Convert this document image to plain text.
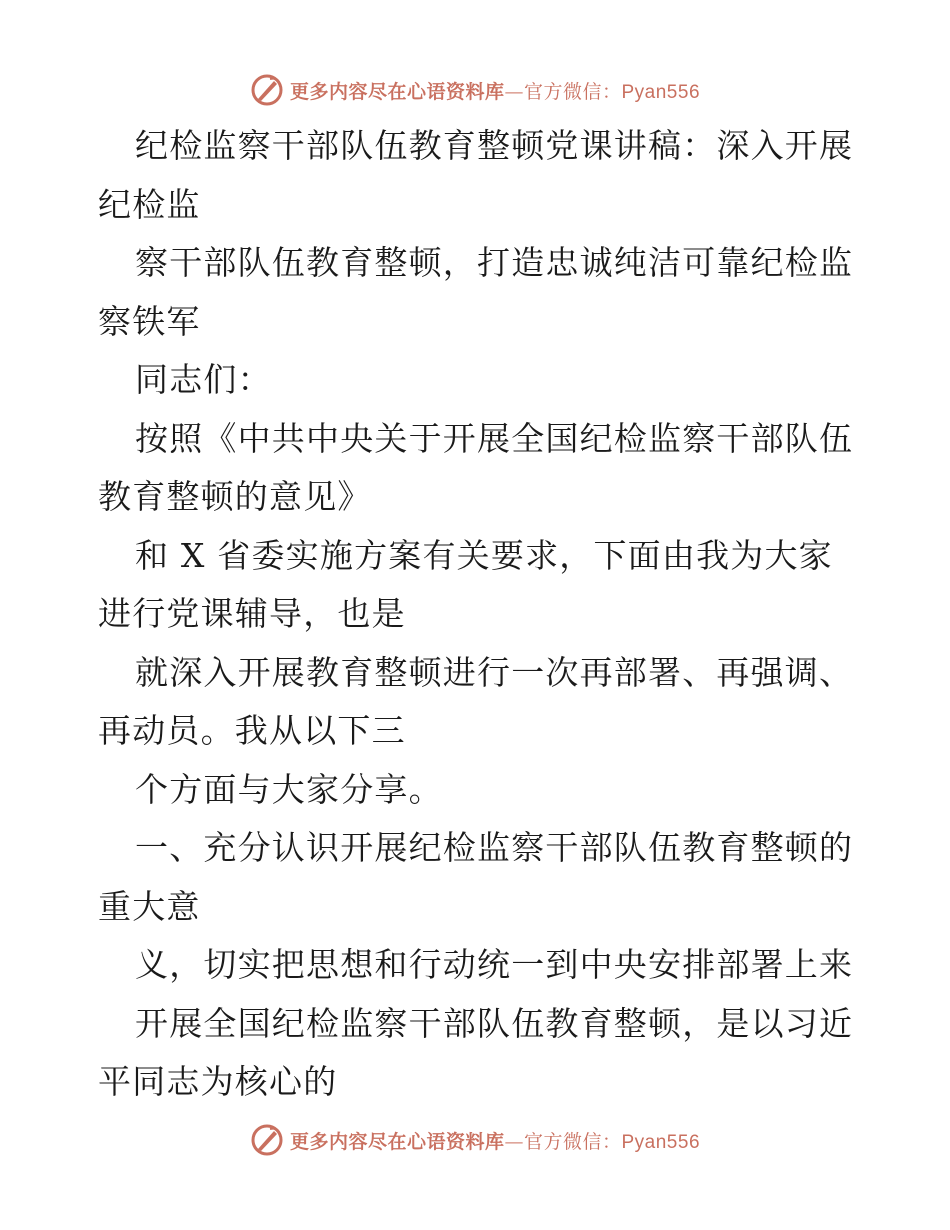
更多内容尽在心语资料库—官方微信：Pyan556

纪检监察干部队伍教育整顿党课讲稿：深入开展纪检监

察干部队伍教育整顿，打造忠诚纯洁可靠纪检监察铁军

同志们：

按照《中共中央关于开展全国纪检监察干部队伍教育整顿的意见》

和 X 省委实施方案有关要求，下面由我为大家进行党课辅导，也是

就深入开展教育整顿进行一次再部署、再强调、再动员。我从以下三

个方面与大家分享。

一、充分认识开展纪检监察干部队伍教育整顿的重大意

义，切实把思想和行动统一到中央安排部署上来

开展全国纪检监察干部队伍教育整顿，是以习近平同志为核心的

更多内容尽在心语资料库—官方微信：Pyan556
